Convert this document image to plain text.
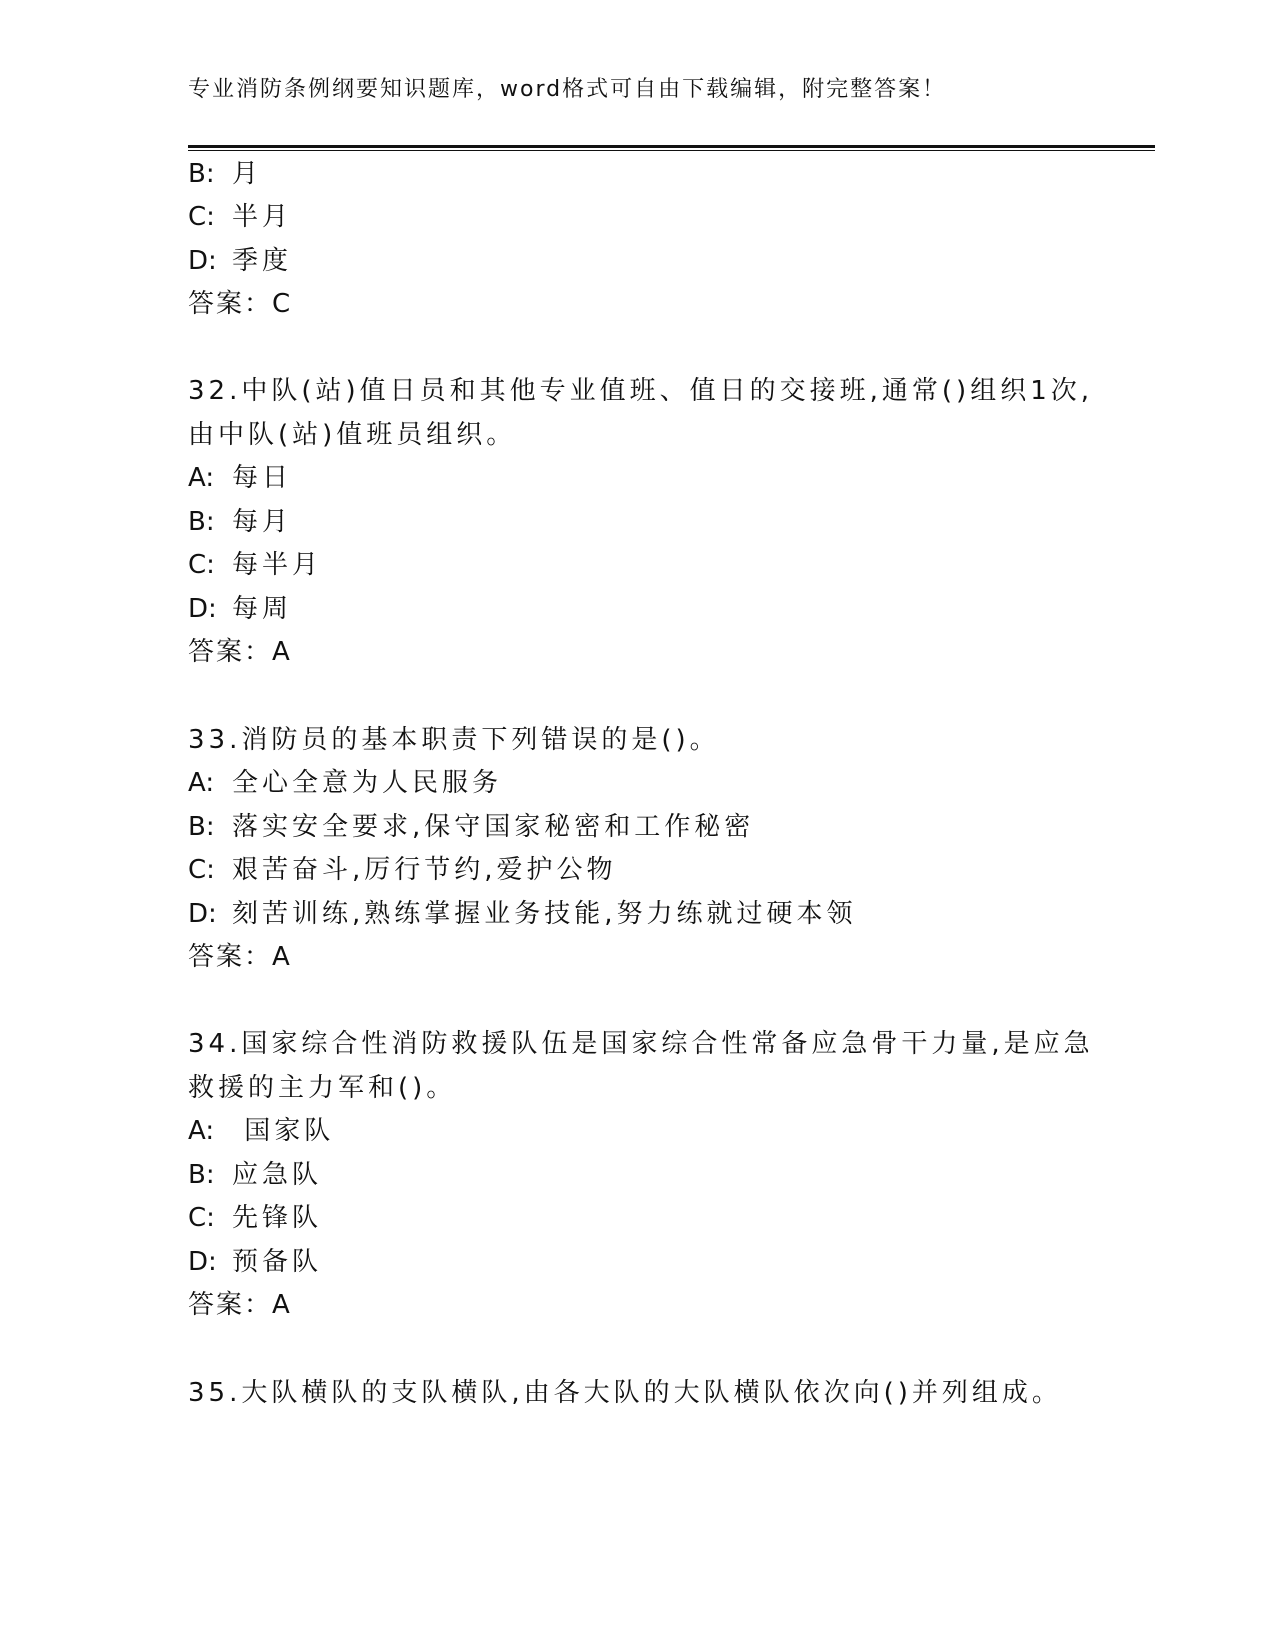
专业消防条例纲要知识题库，word格式可自由下载编辑，附完整答案！
B: 月
C: 半月
D: 季度
答案：C
32.中队(站)值日员和其他专业值班、值日的交接班,通常()组织1次,
由中队(站)值班员组织。
A: 每日
B: 每月
C: 每半月
D: 每周
答案：A
33.消防员的基本职责下列错误的是()。
A: 全心全意为人民服务
B: 落实安全要求,保守国家秘密和工作秘密
C: 艰苦奋斗,厉行节约,爱护公物
D: 刻苦训练,熟练掌握业务技能,努力练就过硬本领
答案：A
34.国家综合性消防救援队伍是国家综合性常备应急骨干力量,是应急
救援的主力军和()。
A: 国家队
B: 应急队
C: 先锋队
D: 预备队
答案：A
35.大队横队的支队横队,由各大队的大队横队依次向()并列组成。
